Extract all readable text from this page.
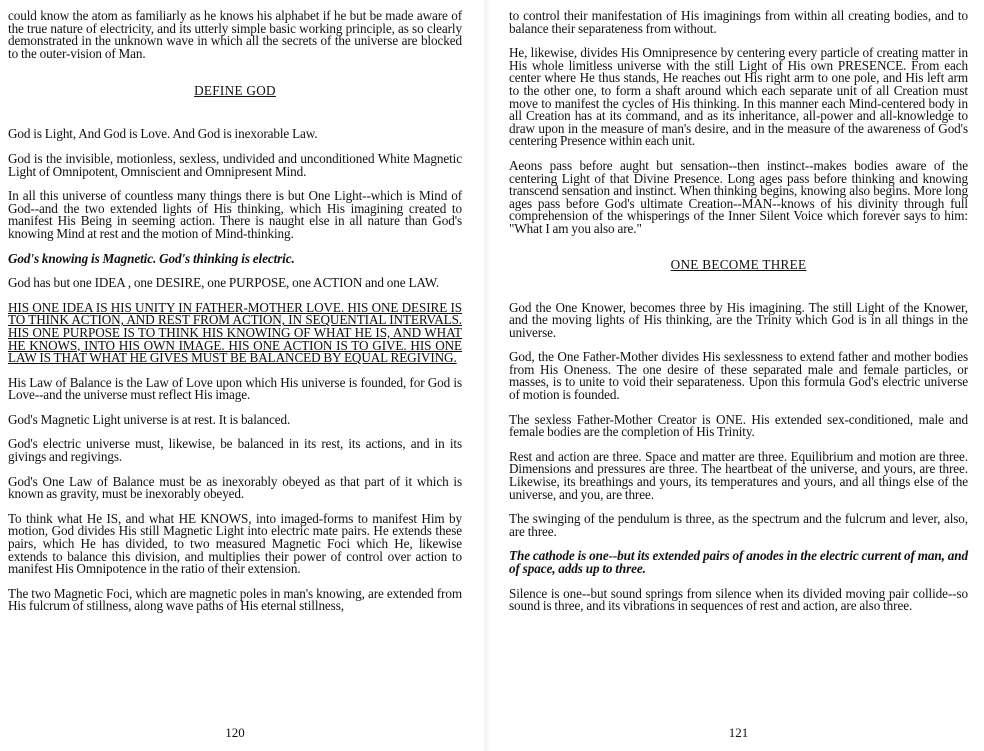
could know the atom as familiarly as he knows his alphabet if he but be made aware of the true nature of electricity, and its utterly simple basic working principle, as so clearly demonstrated in the unknown wave in which all the secrets of the universe are blocked to the outer-vision of Man.

DEFINE GOD

God is Light, And God is Love. And God is inexorable Law.

God is the invisible, motionless, sexless, undivided and unconditioned White Magnetic Light of Omnipotent, Omniscient and Omnipresent Mind.

In all this universe of countless many things there is but One Light--which is Mind of God--and the two extended lights of His thinking, which His imagining created to manifest His Being in seeming action. There is naught else in all nature than God's knowing Mind at rest and the motion of Mind-thinking.

God's knowing is Magnetic. God's thinking is electric.

God has but one IDEA , one DESIRE, one PURPOSE, one ACTION and one LAW.

HIS ONE IDEA IS HIS UNITY IN FATHER-MOTHER LOVE. HIS ONE DESIRE IS TO THINK ACTION, AND REST FROM ACTION, IN SEQUENTIAL INTERVALS. HIS ONE PURPOSE IS TO THINK HIS KNOWING OF WHAT HE IS, AND WHAT HE KNOWS, INTO HIS OWN IMAGE. HIS ONE ACTION IS TO GIVE. HIS ONE LAW IS THAT WHAT HE GIVES MUST BE BALANCED BY EQUAL REGIVING.

His Law of Balance is the Law of Love upon which His universe is founded, for God is Love--and the universe must reflect His image.

God's Magnetic Light universe is at rest. It is balanced.

God's electric universe must, likewise, be balanced in its rest, its actions, and in its givings and regivings.

God's One Law of Balance must be as inexorably obeyed as that part of it which is known as gravity, must be inexorably obeyed.

To think what He IS, and what HE KNOWS, into imaged-forms to manifest Him by motion, God divides His still Magnetic Light into electric mate pairs. He extends these pairs, which He has divided, to two measured Magnetic Foci which He, likewise extends to balance this division, and multiplies their power of control over action to manifest His Omnipotence in the ratio of their extension.

The two Magnetic Foci, which are magnetic poles in man's knowing, are extended from His fulcrum of stillness, along wave paths of His eternal stillness,

120

to control their manifestation of His imaginings from within all creating bodies, and to balance their separateness from without.

He, likewise, divides His Omnipresence by centering every particle of creating matter in His whole limitless universe with the still Light of His own PRESENCE. From each center where He thus stands, He reaches out His right arm to one pole, and His left arm to the other one, to form a shaft around which each separate unit of all Creation must move to manifest the cycles of His thinking. In this manner each Mind-centered body in all Creation has at its command, and as its inheritance, all-power and all-knowledge to draw upon in the measure of man's desire, and in the measure of the awareness of God's centering Presence within each unit.

Aeons pass before aught but sensation--then instinct--makes bodies aware of the centering Light of that Divine Presence. Long ages pass before thinking and knowing transcend sensation and instinct. When thinking begins, knowing also begins. More long ages pass before God's ultimate Creation--MAN--knows of his divinity through full comprehension of the whisperings of the Inner Silent Voice which forever says to him: "What I am you also are."

ONE BECOME THREE

God the One Knower, becomes three by His imagining. The still Light of the Knower, and the moving lights of His thinking, are the Trinity which God is in all things in the universe.

God, the One Father-Mother divides His sexlessness to extend father and mother bodies from His Oneness. The one desire of these separated male and female particles, or masses, is to unite to void their separateness. Upon this formula God's electric universe of motion is founded.

The sexless Father-Mother Creator is ONE. His extended sex-conditioned, male and female bodies are the completion of His Trinity.

Rest and action are three. Space and matter are three. Equilibrium and motion are three. Dimensions and pressures are three. The heartbeat of the universe, and yours, are three. Likewise, its breathings and yours, its temperatures and yours, and all things else of the universe, and you, are three.

The swinging of the pendulum is three, as the spectrum and the fulcrum and lever, also, are three.

The cathode is one--but its extended pairs of anodes in the electric current of man, and of space, adds up to three.

Silence is one--but sound springs from silence when its divided moving pair collide--so sound is three, and its vibrations in sequences of rest and action, are also three.

121
